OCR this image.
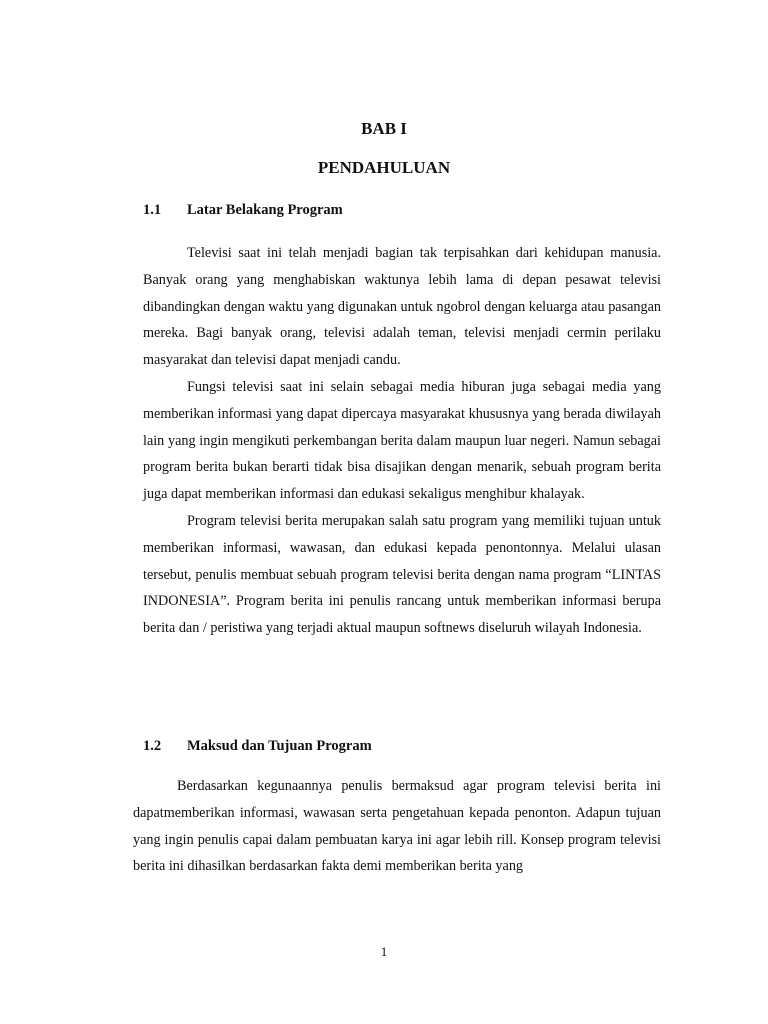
BAB I
PENDAHULUAN
1.1 Latar Belakang Program

Televisi saat ini telah menjadi bagian tak terpisahkan dari kehidupan manusia. Banyak orang yang menghabiskan waktunya lebih lama di depan pesawat televisi dibandingkan dengan waktu yang digunakan untuk ngobrol dengan keluarga atau pasangan mereka. Bagi banyak orang, televisi adalah teman, televisi menjadi cermin perilaku masyarakat dan televisi dapat menjadi candu.

Fungsi televisi saat ini selain sebagai media hiburan juga sebagai media yang memberikan informasi yang dapat dipercaya masyarakat khususnya yang berada diwilayah lain yang ingin mengikuti perkembangan berita dalam maupun luar negeri. Namun sebagai program berita bukan berarti tidak bisa disajikan dengan menarik, sebuah program berita juga dapat memberikan informasi dan edukasi sekaligus menghibur khalayak.

Program televisi berita merupakan salah satu program yang memiliki tujuan untuk memberikan informasi, wawasan, dan edukasi kepada penontonnya. Melalui ulasan tersebut, penulis membuat sebuah program televisi berita dengan nama program “LINTAS INDONESIA”. Program berita ini penulis rancang untuk memberikan informasi berupa berita dan / peristiwa yang terjadi aktual maupun softnews diseluruh wilayah Indonesia.

1.2 Maksud dan Tujuan Program

Berdasarkan kegunaannya penulis bermaksud agar program televisi berita ini dapatmemberikan informasi, wawasan serta pengetahuan kepada penonton. Adapun tujuan yang ingin penulis capai dalam pembuatan karya ini agar lebih rill. Konsep program televisi berita ini dihasilkan berdasarkan fakta demi memberikan berita yang

1
